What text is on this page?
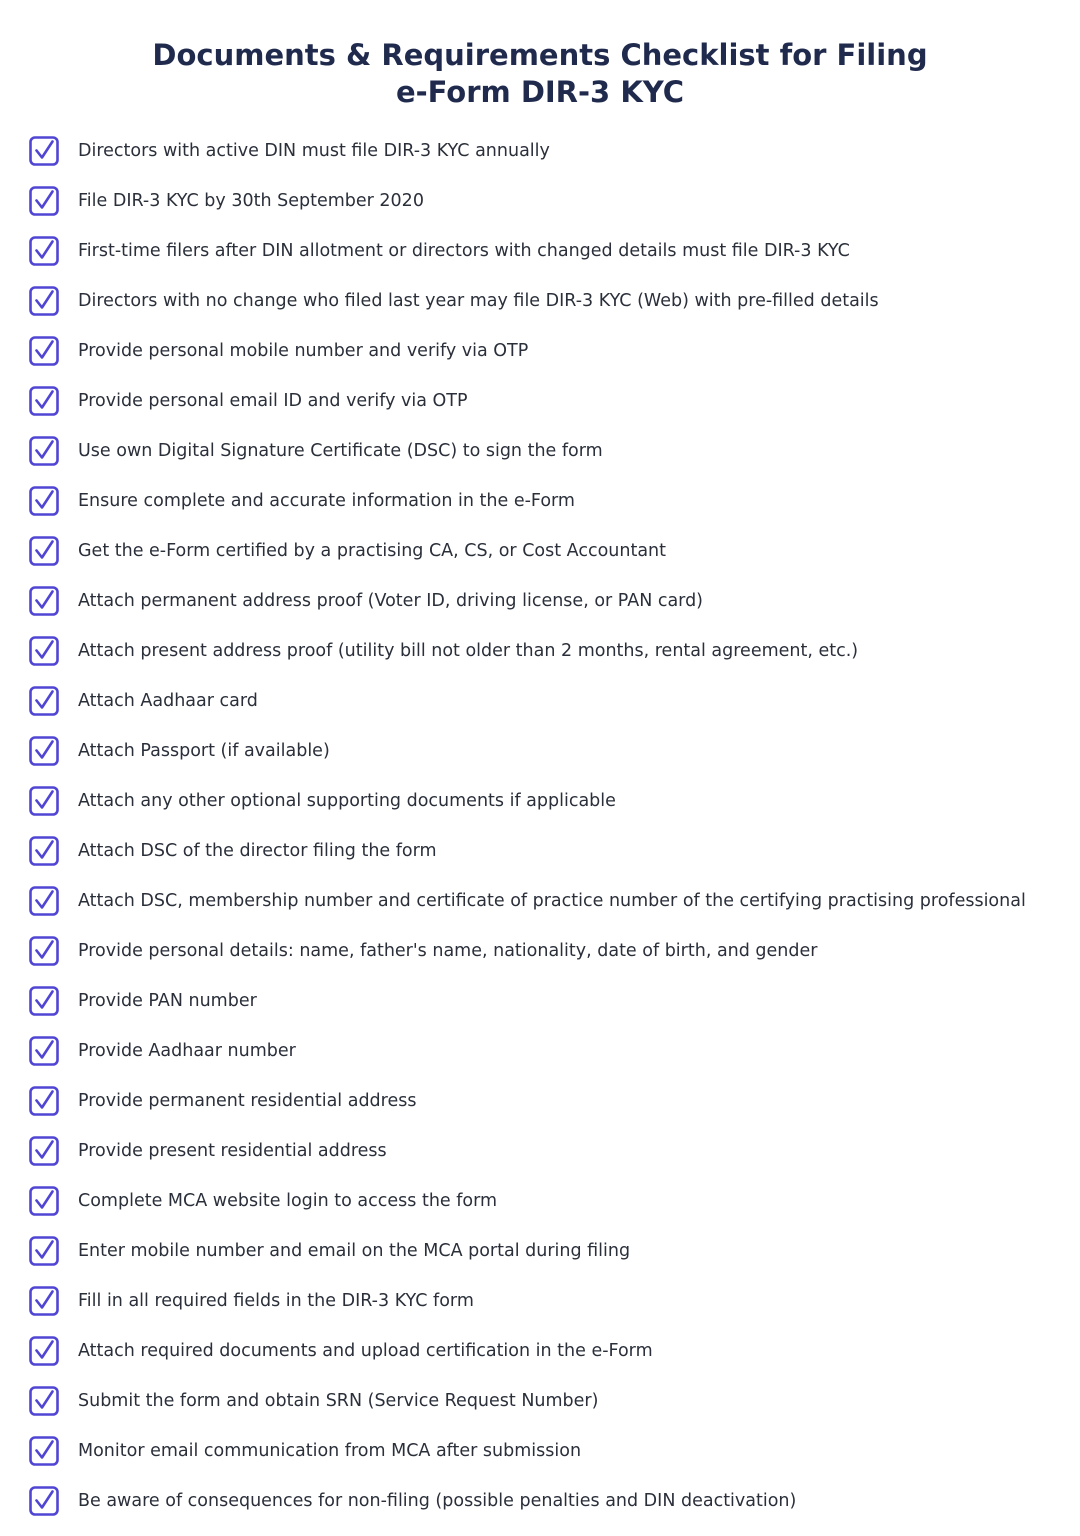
Documents & Requirements Checklist for Filing
e-Form DIR-3 KYC
Directors with active DIN must file DIR-3 KYC annually
File DIR-3 KYC by 30th September 2020
First-time filers after DIN allotment or directors with changed details must file DIR-3 KYC
Directors with no change who filed last year may file DIR-3 KYC (Web) with pre-filled details
Provide personal mobile number and verify via OTP
Provide personal email ID and verify via OTP
Use own Digital Signature Certificate (DSC) to sign the form
Ensure complete and accurate information in the e-Form
Get the e-Form certified by a practising CA, CS, or Cost Accountant
Attach permanent address proof (Voter ID, driving license, or PAN card)
Attach present address proof (utility bill not older than 2 months, rental agreement, etc.)
Attach Aadhaar card
Attach Passport (if available)
Attach any other optional supporting documents if applicable
Attach DSC of the director filing the form
Attach DSC, membership number and certificate of practice number of the certifying practising professional
Provide personal details: name, father's name, nationality, date of birth, and gender
Provide PAN number
Provide Aadhaar number
Provide permanent residential address
Provide present residential address
Complete MCA website login to access the form
Enter mobile number and email on the MCA portal during filing
Fill in all required fields in the DIR-3 KYC form
Attach required documents and upload certification in the e-Form
Submit the form and obtain SRN (Service Request Number)
Monitor email communication from MCA after submission
Be aware of consequences for non-filing (possible penalties and DIN deactivation)
